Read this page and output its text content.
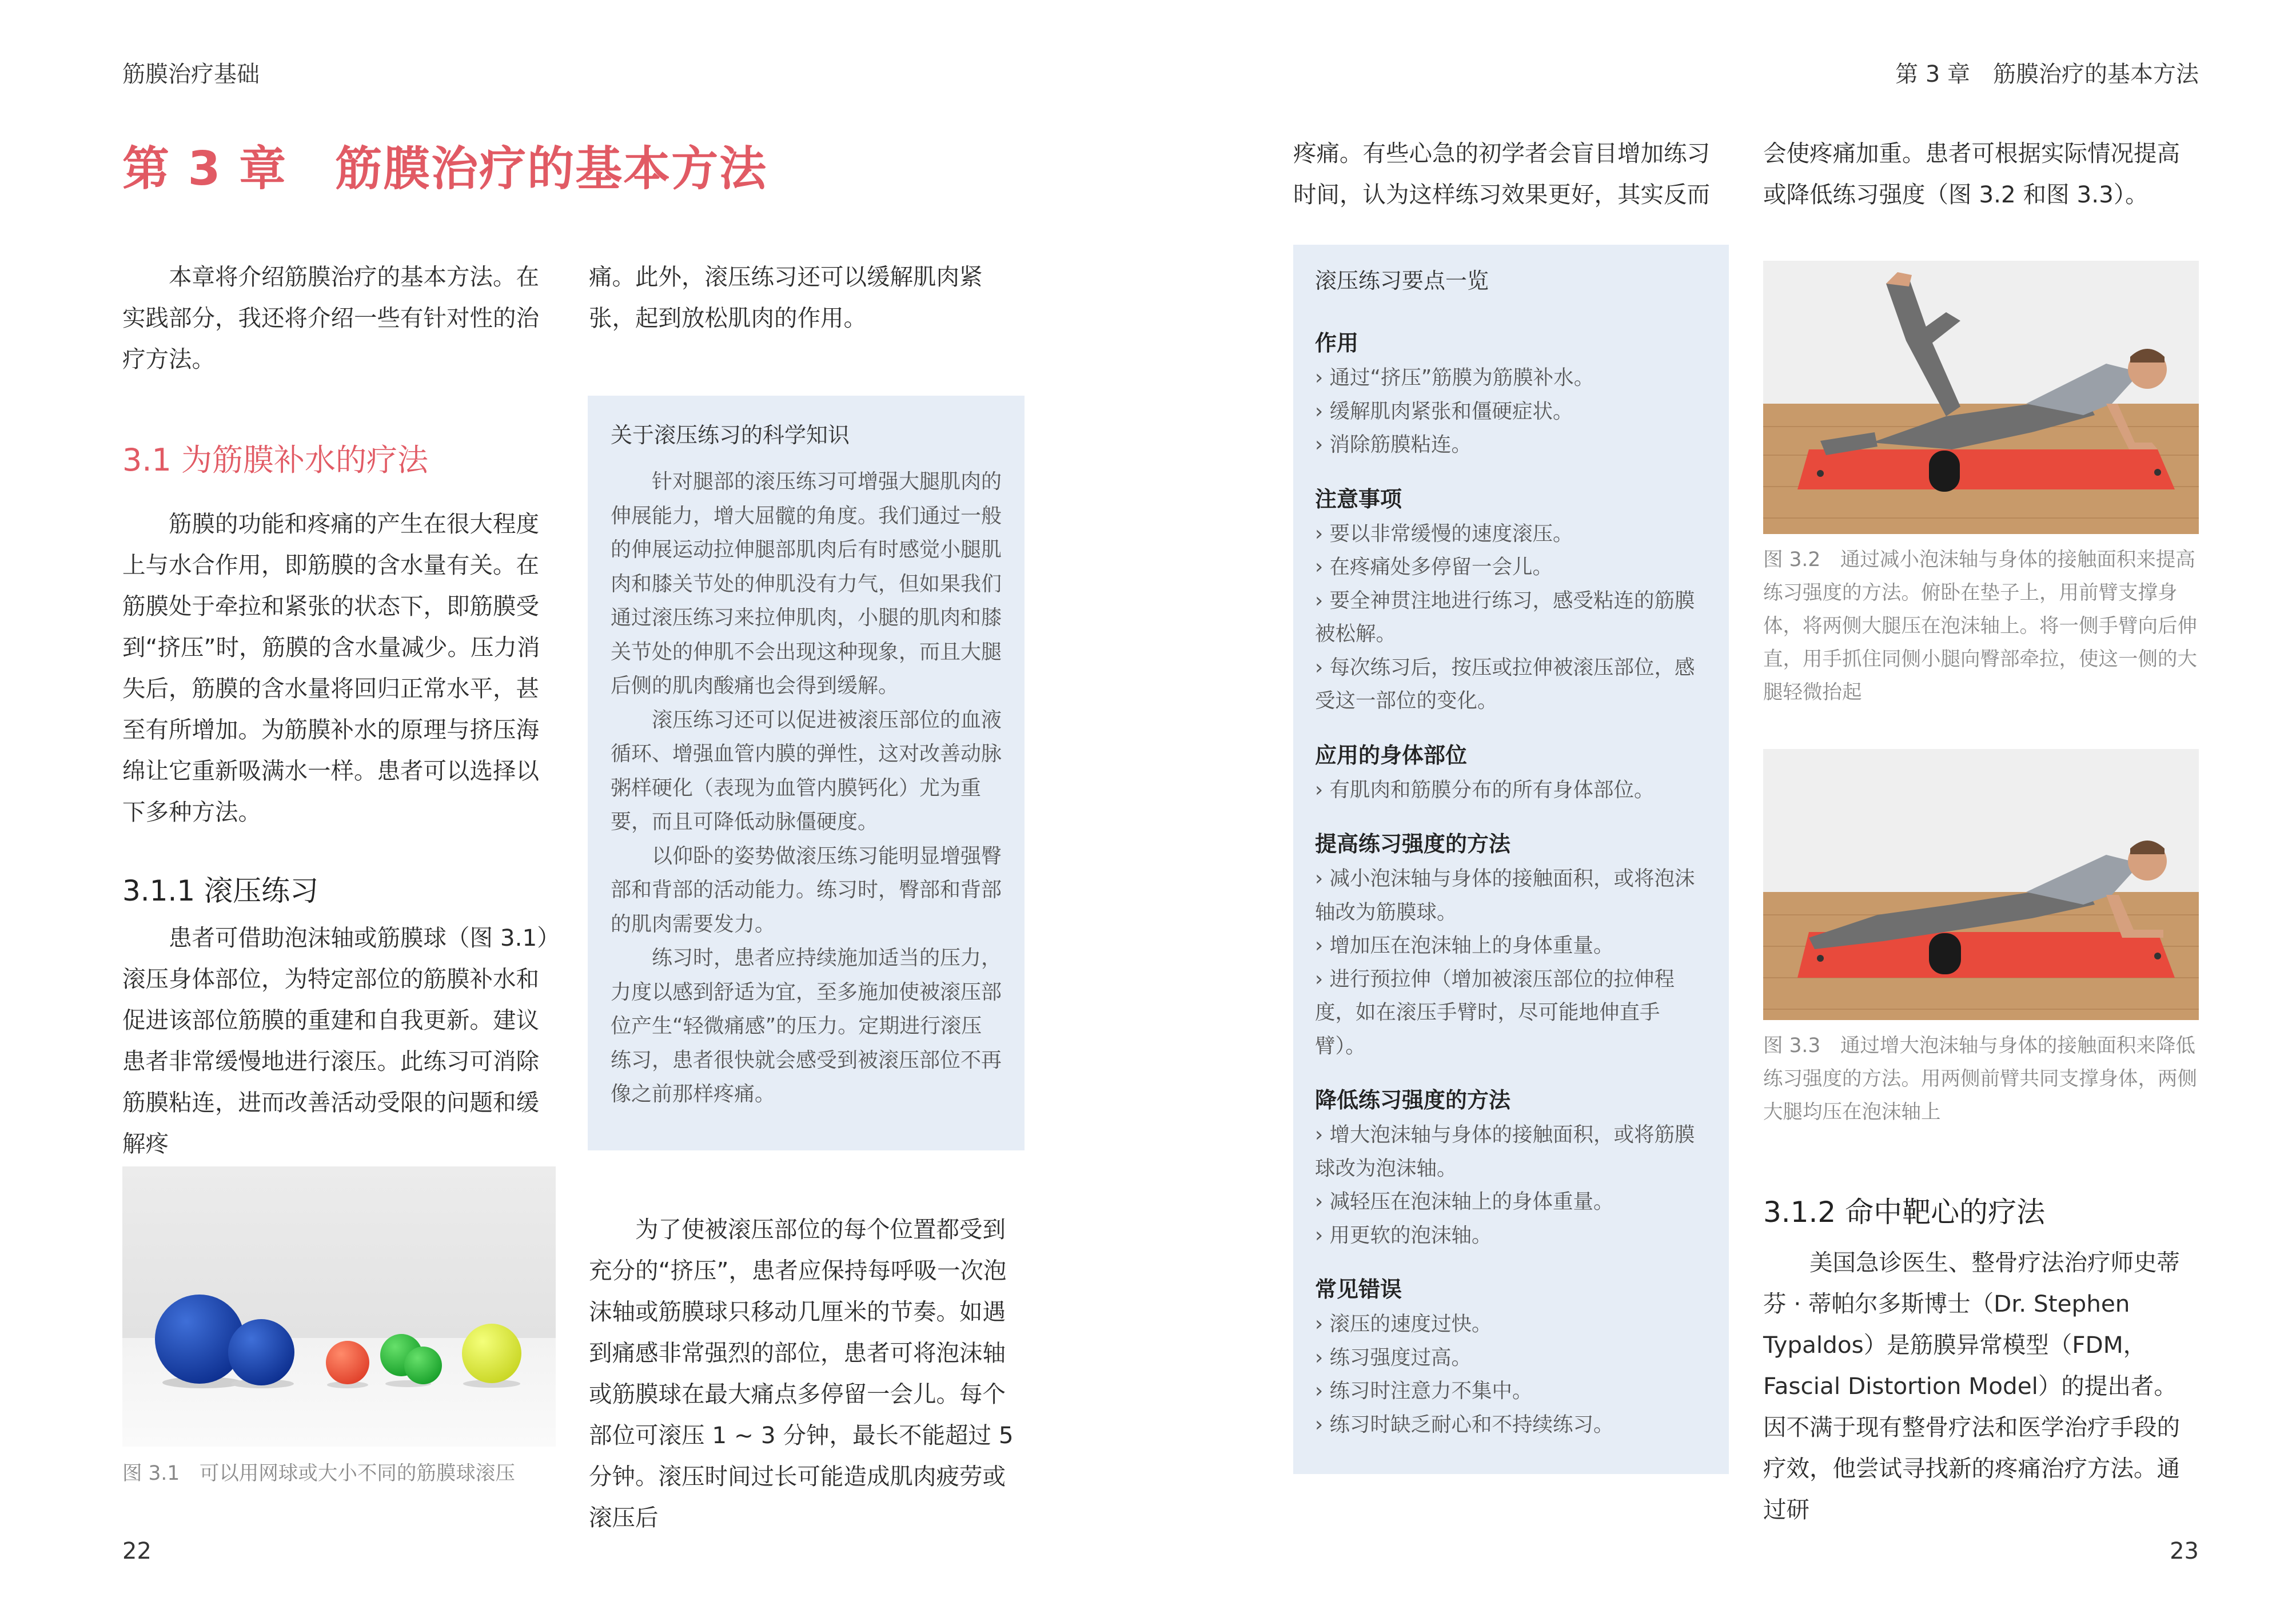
筋膜治疗基础
第 3 章　筋膜治疗的基本方法

本章将介绍筋膜治疗的基本方法。在实践部分，我还将介绍一些有针对性的治疗方法。

痛。此外，滚压练习还可以缓解肌肉紧张，起到放松肌肉的作用。

3.1 为筋膜补水的疗法

筋膜的功能和疼痛的产生在很大程度上与水合作用，即筋膜的含水量有关。在筋膜处于牵拉和紧张的状态下，即筋膜受到“挤压”时，筋膜的含水量减少。压力消失后，筋膜的含水量将回归正常水平，甚至有所增加。为筋膜补水的原理与挤压海绵让它重新吸满水一样。患者可以选择以下多种方法。

3.1.1 滚压练习

患者可借助泡沫轴或筋膜球（图 3.1）滚压身体部位，为特定部位的筋膜补水和促进该部位筋膜的重建和自我更新。建议患者非常缓慢地进行滚压。此练习可消除筋膜粘连，进而改善活动受限的问题和缓解疼

关于滚压练习的科学知识

针对腿部的滚压练习可增强大腿肌肉的伸展能力，增大屈髋的角度。我们通过一般的伸展运动拉伸腿部肌肉后有时感觉小腿肌肉和膝关节处的伸肌没有力气，但如果我们通过滚压练习来拉伸肌肉，小腿的肌肉和膝关节处的伸肌不会出现这种现象，而且大腿后侧的肌肉酸痛也会得到缓解。

滚压练习还可以促进被滚压部位的血液循环、增强血管内膜的弹性，这对改善动脉粥样硬化（表现为血管内膜钙化）尤为重要，而且可降低动脉僵硬度。

以仰卧的姿势做滚压练习能明显增强臀部和背部的活动能力。练习时，臀部和背部的肌肉需要发力。

练习时，患者应持续施加适当的压力，力度以感到舒适为宜，至多施加使被滚压部位产生“轻微痛感”的压力。定期进行滚压练习，患者很快就会感受到被滚压部位不再像之前那样疼痛。

图 3.1　可以用网球或大小不同的筋膜球滚压

为了使被滚压部位的每个位置都受到充分的“挤压”，患者应保持每呼吸一次泡沫轴或筋膜球只移动几厘米的节奏。如遇到痛感非常强烈的部位，患者可将泡沫轴或筋膜球在最大痛点多停留一会儿。每个部位可滚压 1 ~ 3 分钟，最长不能超过 5 分钟。滚压时间过长可能造成肌肉疲劳或滚压后

22
第 3 章　筋膜治疗的基本方法

疼痛。有些心急的初学者会盲目增加练习时间，认为这样练习效果更好，其实反而

会使疼痛加重。患者可根据实际情况提高或降低练习强度（图 3.2 和图 3.3）。

滚压练习要点一览
作用
› 通过“挤压”筋膜为筋膜补水。
› 缓解肌肉紧张和僵硬症状。
› 消除筋膜粘连。
注意事项
› 要以非常缓慢的速度滚压。
› 在疼痛处多停留一会儿。
› 要全神贯注地进行练习，感受粘连的筋膜被松解。
› 每次练习后，按压或拉伸被滚压部位，感受这一部位的变化。
应用的身体部位
› 有肌肉和筋膜分布的所有身体部位。
提高练习强度的方法
› 减小泡沫轴与身体的接触面积，或将泡沫轴改为筋膜球。
› 增加压在泡沫轴上的身体重量。
› 进行预拉伸（增加被滚压部位的拉伸程度，如在滚压手臂时，尽可能地伸直手臂）。
降低练习强度的方法
› 增大泡沫轴与身体的接触面积，或将筋膜球改为泡沫轴。
› 减轻压在泡沫轴上的身体重量。
› 用更软的泡沫轴。
常见错误
› 滚压的速度过快。
› 练习强度过高。
› 练习时注意力不集中。
› 练习时缺乏耐心和不持续练习。
图 3.2　通过减小泡沫轴与身体的接触面积来提高练习强度的方法。俯卧在垫子上，用前臂支撑身体，将两侧大腿压在泡沫轴上。将一侧手臂向后伸直，用手抓住同侧小腿向臀部牵拉，使这一侧的大腿轻微抬起
图 3.3　通过增大泡沫轴与身体的接触面积来降低练习强度的方法。用两侧前臂共同支撑身体，两侧大腿均压在泡沫轴上
3.1.2 命中靶心的疗法

美国急诊医生、整骨疗法治疗师史蒂芬 · 蒂帕尔多斯博士（Dr. Stephen Typaldos）是筋膜异常模型（FDM，Fascial Distortion Model）的提出者。因不满于现有整骨疗法和医学治疗手段的疗效，他尝试寻找新的疼痛治疗方法。通过研

23
